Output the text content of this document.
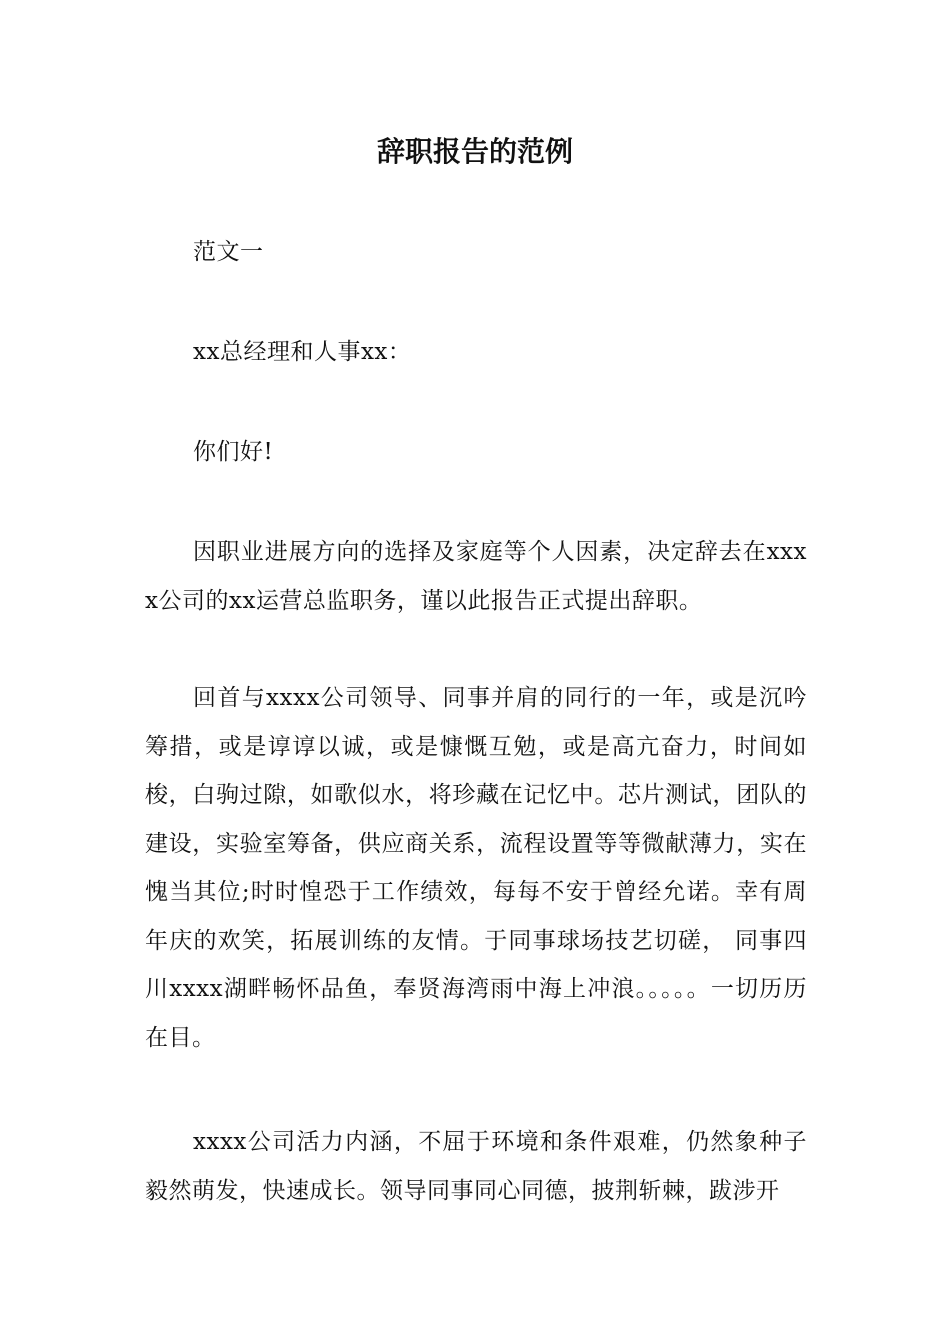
辞职报告的范例

范文一

xx总经理和人事xx：

你们好!

因职业进展方向的选择及家庭等个人因素，决定辞去在xxxx公司的xx运营总监职务，谨以此报告正式提出辞职。

回首与xxxx公司领导、同事并肩的同行的一年，或是沉吟筹措，或是谆谆以诚，或是慷慨互勉，或是高亢奋力，时间如梭，白驹过隙，如歌似水，将珍藏在记忆中。芯片测试，团队的建设，实验室筹备，供应商关系，流程设置等等微献薄力，实在愧当其位;时时惶恐于工作绩效，每每不安于曾经允诺。幸有周年庆的欢笑，拓展训练的友情。于同事球场技艺切磋， 同事四川xxxx湖畔畅怀品鱼，奉贤海湾雨中海上冲浪。。。。。一切历历在目。

xxxx公司活力内涵，不屈于环境和条件艰难，仍然象种子毅然萌发，快速成长。领导同事同心同德，披荆斩棘，跋涉开
